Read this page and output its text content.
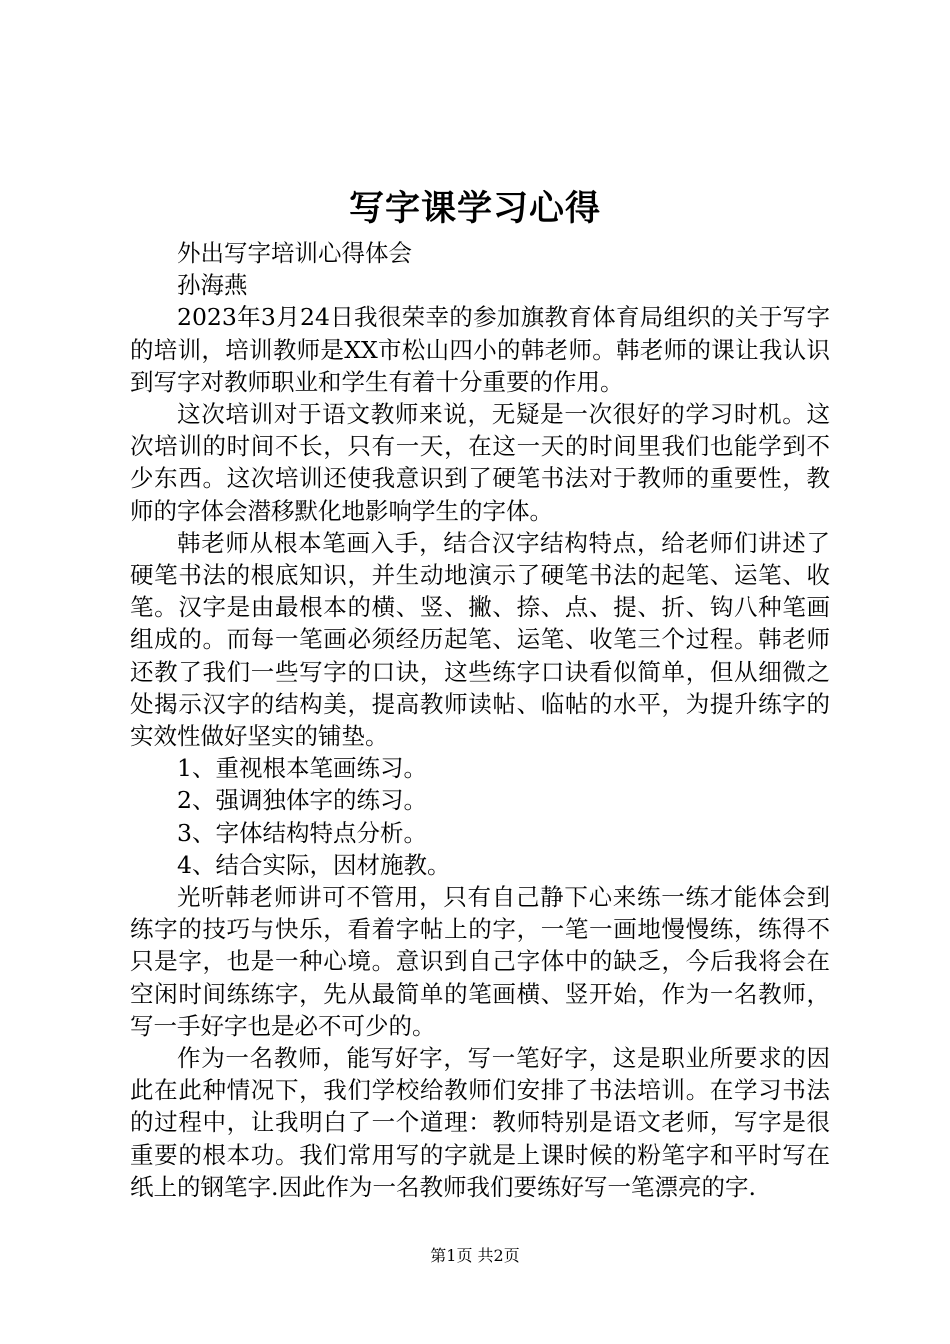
写字课学习心得

外出写字培训心得体会

孙海燕

2023年3月24日我很荣幸的参加旗教育体育局组织的关于写字的培训，培训教师是XX市松山四小的韩老师。韩老师的课让我认识到写字对教师职业和学生有着十分重要的作用。

这次培训对于语文教师来说，无疑是一次很好的学习时机。这次培训的时间不长，只有一天，在这一天的时间里我们也能学到不少东西。这次培训还使我意识到了硬笔书法对于教师的重要性，教师的字体会潜移默化地影响学生的字体。

韩老师从根本笔画入手，结合汉字结构特点，给老师们讲述了硬笔书法的根底知识，并生动地演示了硬笔书法的起笔、运笔、收笔。汉字是由最根本的横、竖、撇、捺、点、提、折、钩八种笔画组成的。而每一笔画必须经历起笔、运笔、收笔三个过程。韩老师还教了我们一些写字的口诀，这些练字口诀看似简单，但从细微之处揭示汉字的结构美，提高教师读帖、临帖的水平，为提升练字的实效性做好坚实的铺垫。

1、重视根本笔画练习。

2、强调独体字的练习。

3、字体结构特点分析。

4、结合实际，因材施教。

光听韩老师讲可不管用，只有自己静下心来练一练才能体会到练字的技巧与快乐，看着字帖上的字，一笔一画地慢慢练，练得不只是字，也是一种心境。意识到自己字体中的缺乏，今后我将会在空闲时间练练字，先从最简单的笔画横、竖开始，作为一名教师，写一手好字也是必不可少的。

作为一名教师，能写好字，写一笔好字，这是职业所要求的因此在此种情况下，我们学校给教师们安排了书法培训。在学习书法的过程中，让我明白了一个道理：教师特别是语文老师，写字是很重要的根本功。我们常用写的字就是上课时候的粉笔字和平时写在纸上的钢笔字.因此作为一名教师我们要练好写一笔漂亮的字.

第1页 共2页
